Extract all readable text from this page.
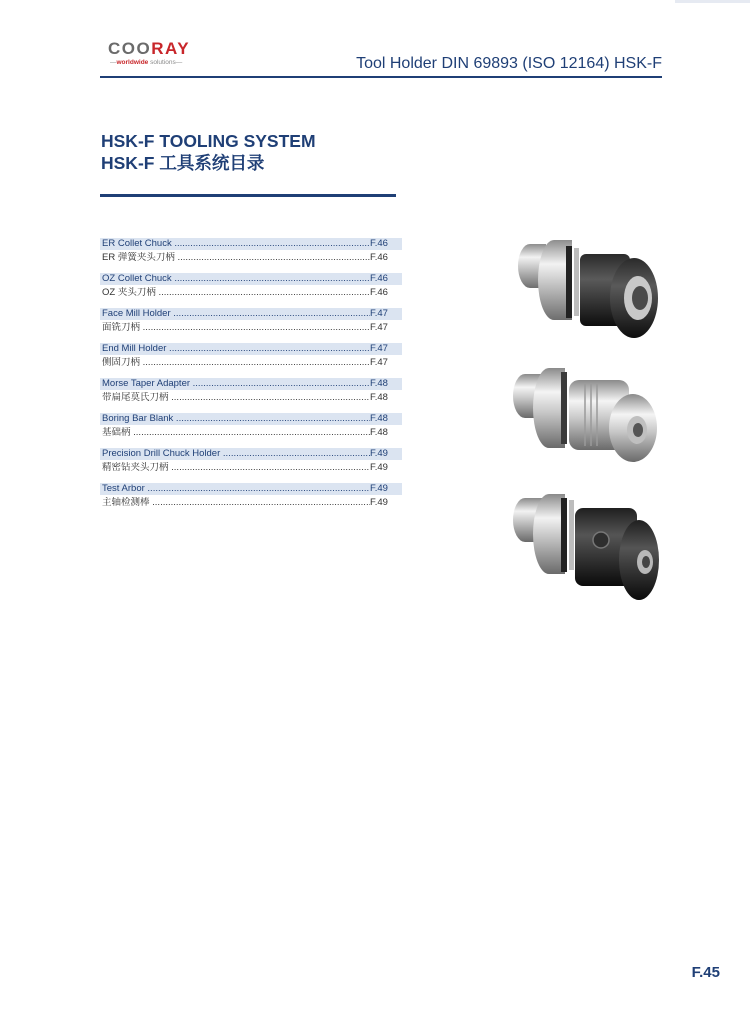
COORAY
—worldwide solutions—	Tool Holder DIN 69893 (ISO 12164) HSK-F
HSK-F TOOLING SYSTEM
HSK-F 工具系统目录
ER Collet Chuck .....	F.46
ER 弹簧夹头刀柄 .....	F.46
OZ Collet Chuck .....	F.46
OZ 夹头刀柄 .....	F.46
Face Mill Holder .....	F.47
面铣刀柄 .....	F.47
End Mill Holder .....	F.47
侧固刀柄 .....	F.47
Morse Taper Adapter .....	F.48
带扁尾莫氏刀柄 .....	F.48
Boring Bar Blank .....	F.48
基础柄 .....	F.48
Precision Drill Chuck Holder .....	F.49
精密钻夹头刀柄 .....	F.49
Test Arbor .....	F.49
主轴检测棒 .....	F.49
F.45
